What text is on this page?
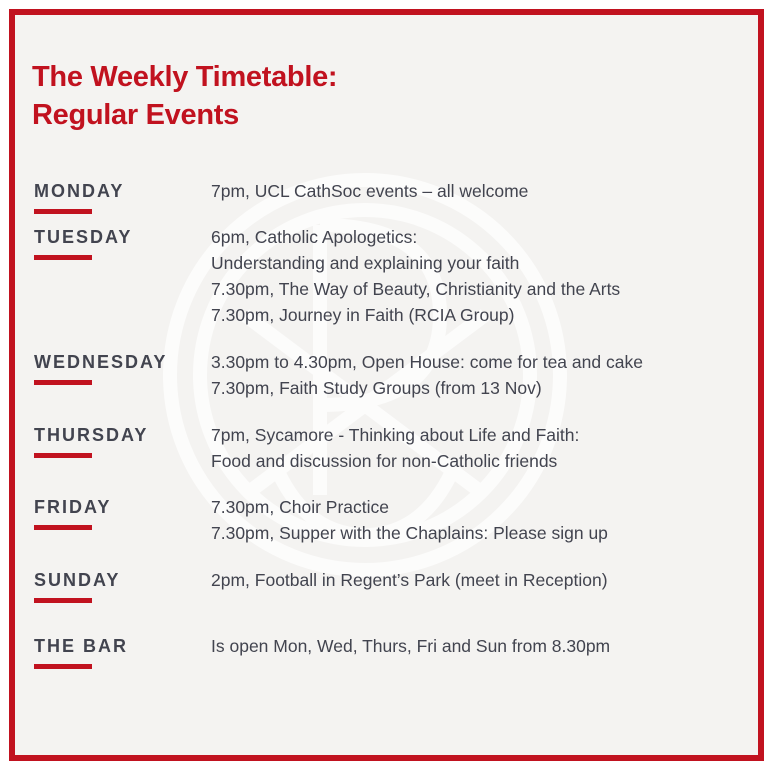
The Weekly Timetable:
Regular Events
MONDAY	7pm, UCL CathSoc events – all welcome
TUESDAY	6pm, Catholic Apologetics:
Understanding and explaining your faith
7.30pm, The Way of Beauty, Christianity and the Arts
7.30pm, Journey in Faith (RCIA Group)
WEDNESDAY 3.30pm to 4.30pm, Open House: come for tea and cake
7.30pm, Faith Study Groups (from 13 Nov)
THURSDAY	7pm, Sycamore - Thinking about Life and Faith:
Food and discussion for non-Catholic friends
FRIDAY	7.30pm, Choir Practice
7.30pm, Supper with the Chaplains: Please sign up
SUNDAY	2pm, Football in Regent’s Park (meet in Reception)
THE BAR	Is open Mon, Wed, Thurs, Fri and Sun from 8.30pm
